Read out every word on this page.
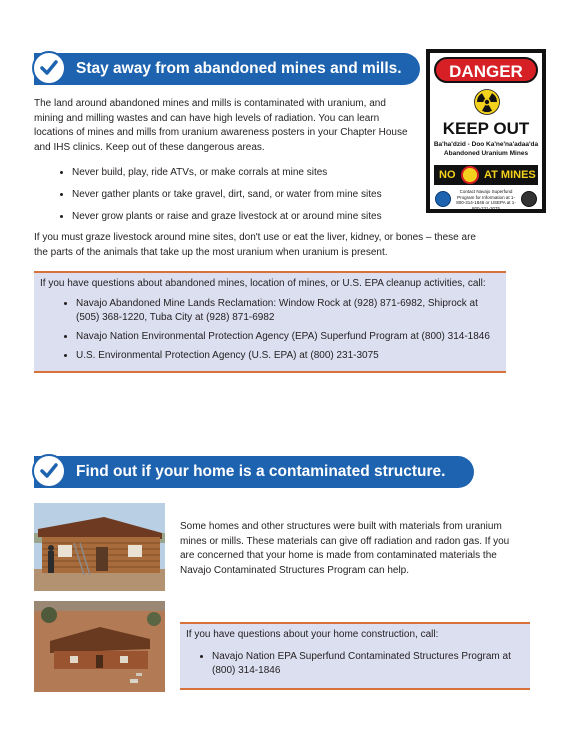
Stay away from abandoned mines and mills.
The land around abandoned mines and mills is contaminated with uranium, and mining and milling wastes and can have high levels of radiation. You can learn locations of mines and mills from uranium awareness posters in your Chapter House and IHS clinics. Keep out of these dangerous areas.
• Never build, play, ride ATVs, or make corrals at mine sites
• Never gather plants or take gravel, dirt, sand, or water from mine sites
• Never grow plants or raise and graze livestock at or around mine sites
If you must graze livestock around mine sites, don't use or eat the liver, kidney, or bones – these are the parts of the animals that take up the most uranium when uranium is present.
DANGER
KEEP OUT
Ba'ha'dzid - Doo Ka'ne'na'adaa'da
Abandoned Uranium Mines
NO	AT MINES
Contact Navajo Superfund Program for Information at 1-800-314-1846 or USEPA at 1-800-231-3075

If you have questions about abandoned mines, location of mines, or U.S. EPA cleanup activities, call:

• Navajo Abandoned Mine Lands Reclamation: Window Rock at (928) 871-6982, Shiprock at (505) 368-1220, Tuba City at (928) 871-6982
• Navajo Nation Environmental Protection Agency (EPA) Superfund Program at (800) 314-1846
• U.S. Environmental Protection Agency (U.S. EPA) at (800) 231-3075
Find out if your home is a contaminated structure.
Some homes and other structures were built with materials from uranium mines or mills. These materials can give off radiation and radon gas. If you are concerned that your home is made from contaminated materials the Navajo Contaminated Structures Program can help.

If you have questions about your home construction, call:

• Navajo Nation EPA Superfund Contaminated Structures Program at (800) 314-1846
